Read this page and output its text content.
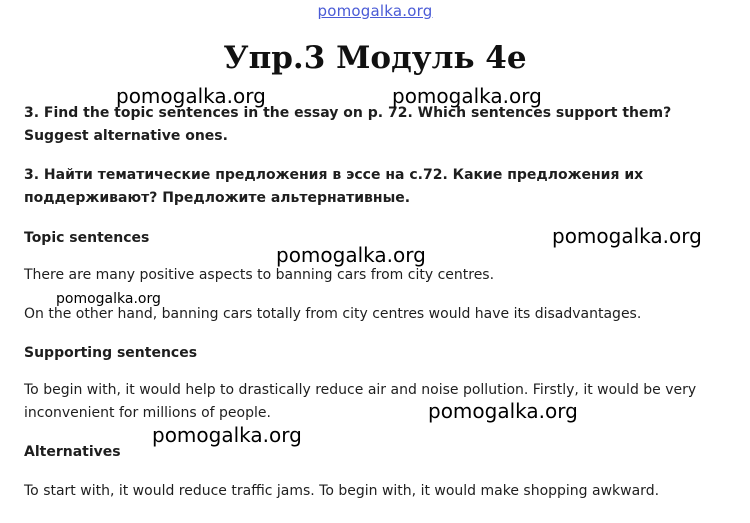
pomogalka.org
Упр.3 Модуль 4е
3. Find the topic sentences in the essay on p. 72. Which sentences support them? Suggest alternative ones.
3. Найти тематические предложения в эссе на с.72. Какие предложения их поддерживают? Предложите альтернативные.
Topic sentences
There are many positive aspects to banning cars from city centres.
On the other hand, banning cars totally from city centres would have its disadvantages.
Supporting sentences
To begin with, it would help to drastically reduce air and noise pollution. Firstly, it would be very inconvenient for millions of people.
Alternatives
To start with, it would reduce traffic jams. To begin with, it would make shopping awkward.
pomogalka.org	pomogalka.org
pomogalka.org
pomogalka.org
pomogalka.org
pomogalka.org
pomogalka.org
